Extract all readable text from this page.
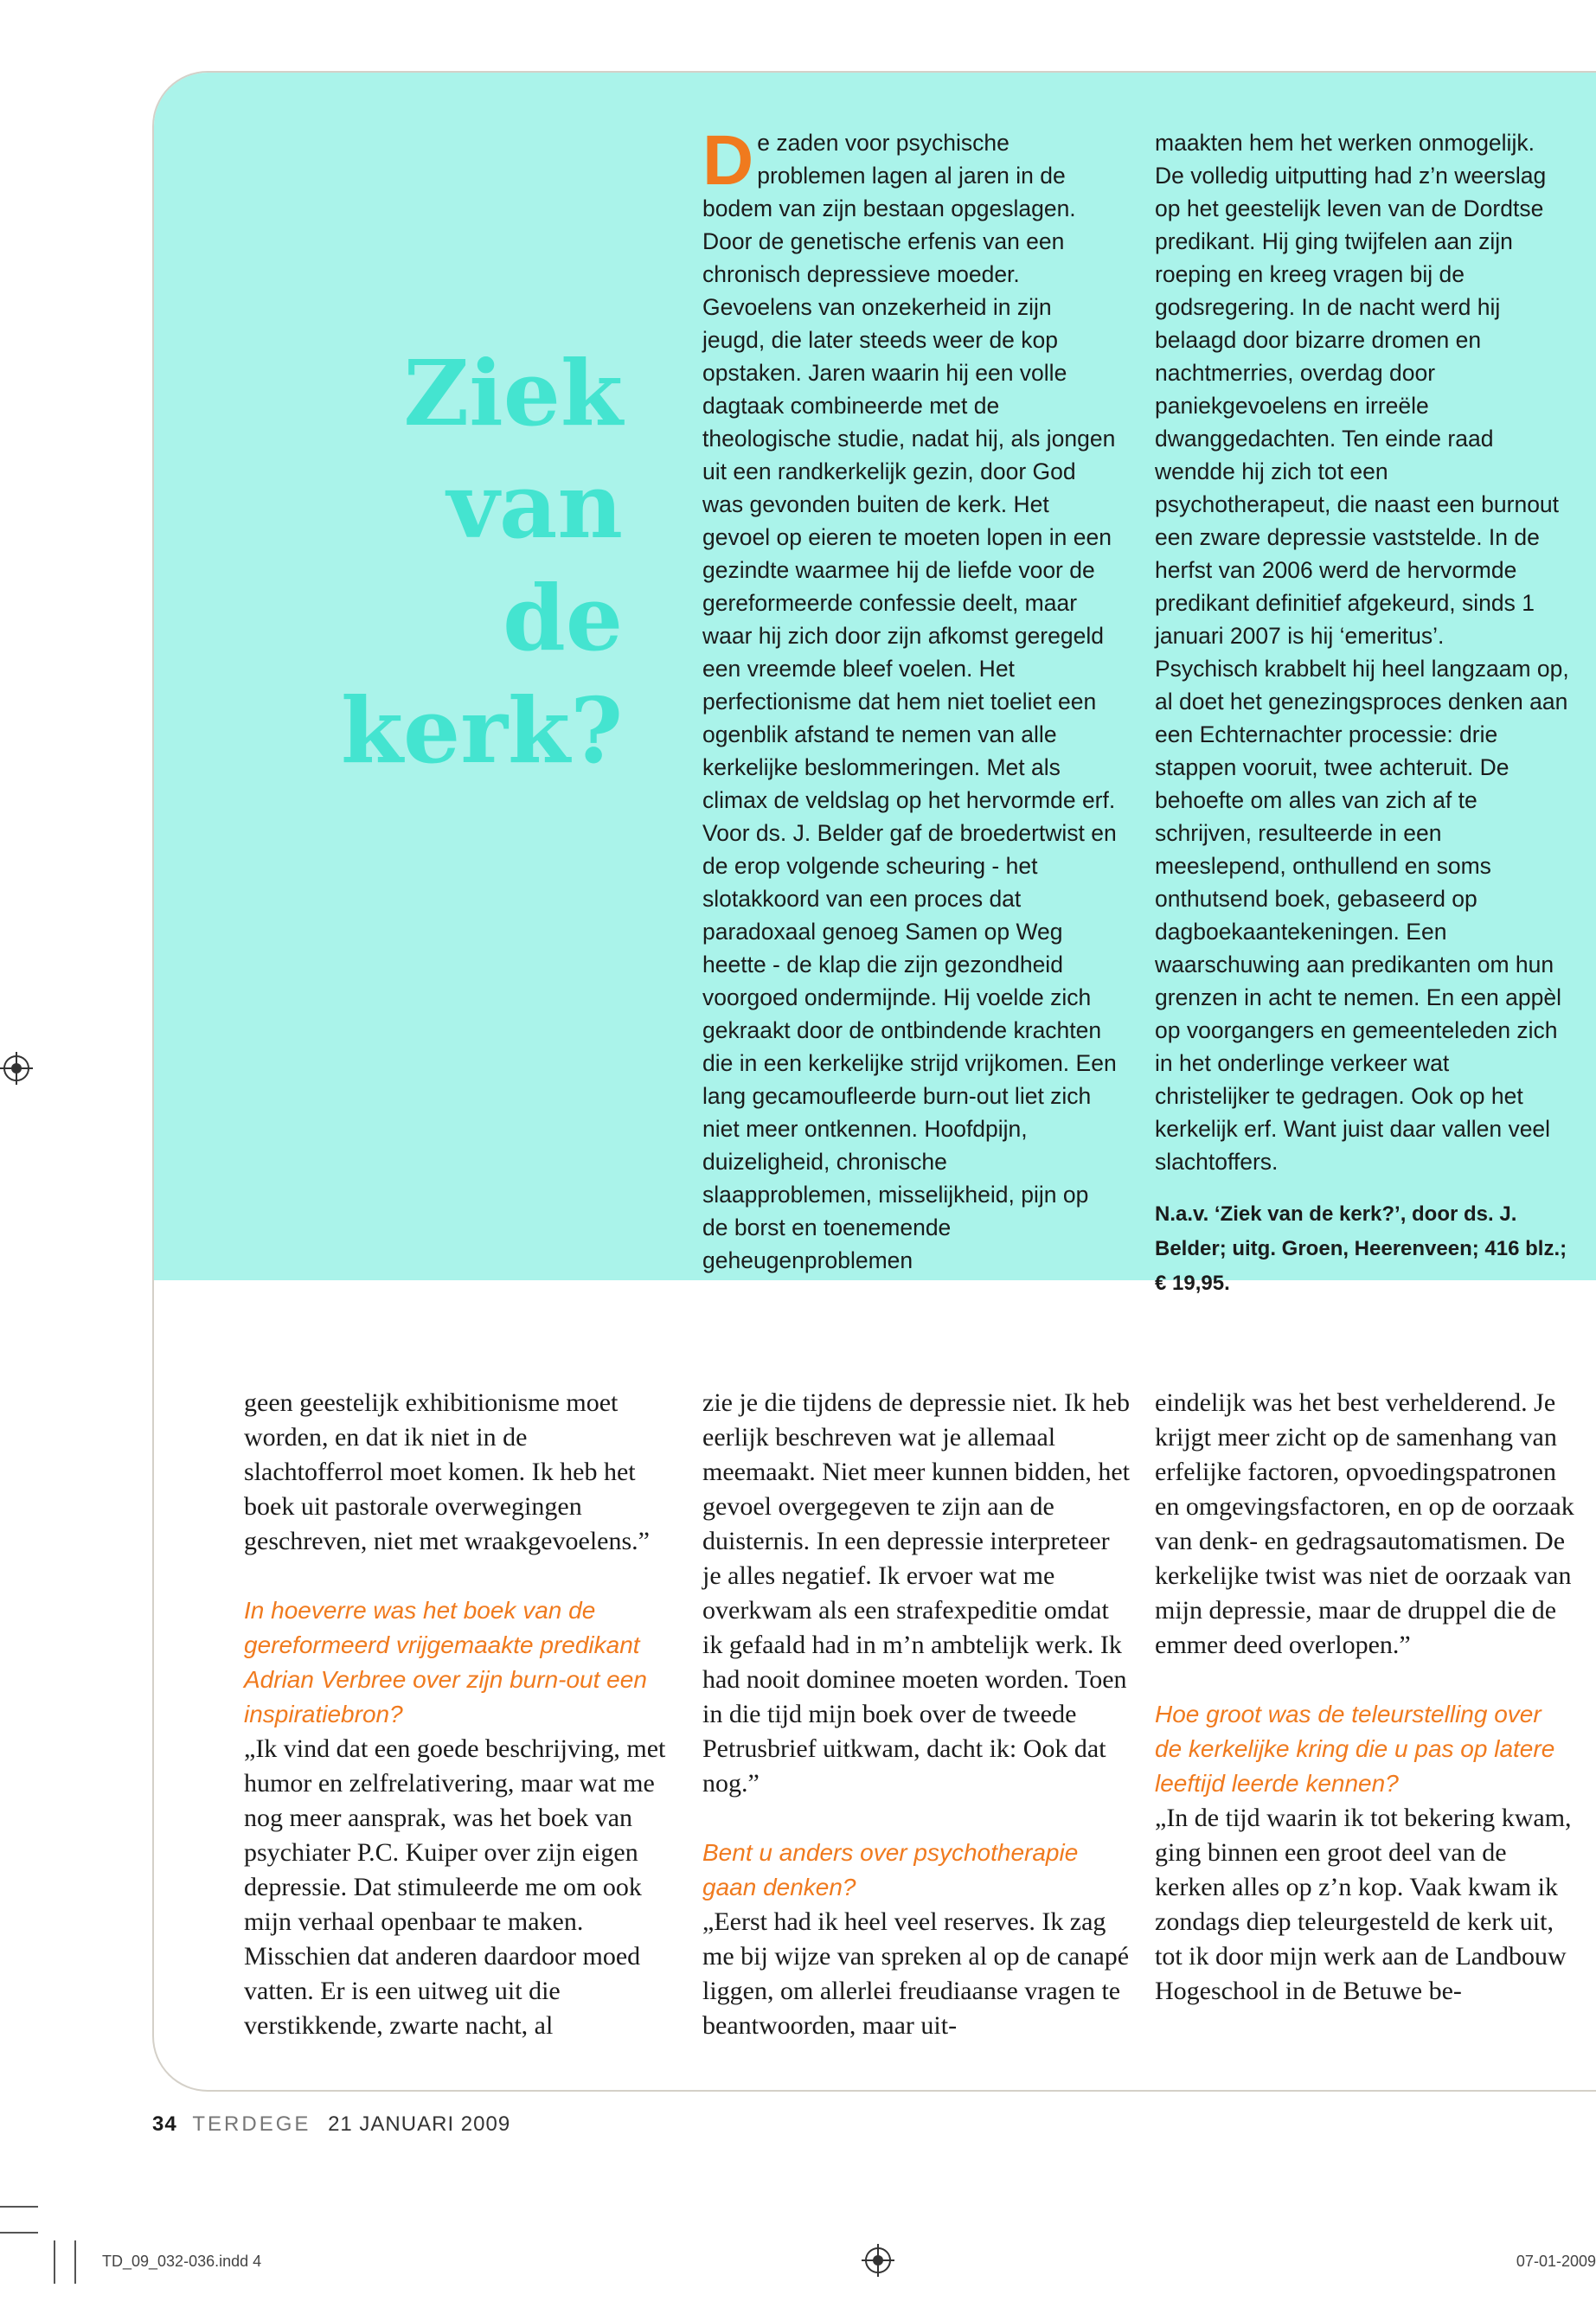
Ziek
van de
kerk?

De zaden voor psychische problemen lagen al jaren in de bodem van zijn bestaan opgeslagen. Door de genetische erfenis van een chronisch depressieve moeder. Gevoelens van onzekerheid in zijn jeugd, die later steeds weer de kop opstaken. Jaren waarin hij een volle dagtaak combineerde met de theologische studie, nadat hij, als jongen uit een randkerkelijk gezin, door God was gevonden buiten de kerk. Het gevoel op eieren te moeten lopen in een gezindte waarmee hij de liefde voor de gereformeerde confessie deelt, maar waar hij zich door zijn afkomst geregeld een vreemde bleef voelen. Het perfectionisme dat hem niet toeliet een ogenblik afstand te nemen van alle kerkelijke beslommeringen. Met als climax de veldslag op het hervormde erf.

Voor ds. J. Belder gaf de broedertwist en de erop volgende scheuring - het slotakkoord van een proces dat paradoxaal genoeg Samen op Weg heette - de klap die zijn gezondheid voorgoed ondermijnde. Hij voelde zich gekraakt door de ontbindende krachten die in een kerkelijke strijd vrijkomen. Een lang gecamoufleerde burn-out liet zich niet meer ontkennen. Hoofdpijn, duizeligheid, chronische slaapproblemen, misselijkheid, pijn op de borst en toenemende geheugenproblemen

maakten hem het werken onmogelijk. De volledig uitputting had z’n weerslag op het geestelijk leven van de Dordtse predikant. Hij ging twijfelen aan zijn roeping en kreeg vragen bij de godsregering. In de nacht werd hij belaagd door bizarre dromen en nachtmerries, overdag door paniekgevoelens en irreële dwanggedachten. Ten einde raad wendde hij zich tot een psychotherapeut, die naast een burnout een zware depressie vaststelde. In de herfst van 2006 werd de hervormde predikant definitief afgekeurd, sinds 1 januari 2007 is hij ‘emeritus’.

Psychisch krabbelt hij heel langzaam op, al doet het genezingsproces denken aan een Echternachter processie: drie stappen vooruit, twee achteruit. De behoefte om alles van zich af te schrijven, resulteerde in een meeslepend, onthullend en soms onthutsend boek, gebaseerd op dagboekaantekeningen. Een waarschuwing aan predikanten om hun grenzen in acht te nemen. En een appèl op voorgangers en gemeenteleden zich in het onderlinge verkeer wat christelijker te gedragen. Ook op het kerkelijk erf. Want juist daar vallen veel slachtoffers.

N.a.v. ‘Ziek van de kerk?’, door ds. J. Belder; uitg. Groen, Heerenveen; 416 blz.; € 19,95.

geen geestelijk exhibitionisme moet worden, en dat ik niet in de slachtofferrol moet komen. Ik heb het boek uit pastorale overwegingen geschreven, niet met wraakgevoelens.”

In hoeverre was het boek van de gereformeerd vrijgemaakte predikant Adrian Verbree over zijn burn-out een inspiratiebron?

„Ik vind dat een goede beschrijving, met humor en zelfrelativering, maar wat me nog meer aansprak, was het boek van psychiater P.C. Kuiper over zijn eigen depressie. Dat stimuleerde me om ook mijn verhaal openbaar te maken. Misschien dat anderen daardoor moed vatten. Er is een uitweg uit die verstikkende, zwarte nacht, al

zie je die tijdens de depressie niet. Ik heb eerlijk beschreven wat je allemaal meemaakt. Niet meer kunnen bidden, het gevoel overgegeven te zijn aan de duisternis. In een depressie interpreteer je alles negatief. Ik ervoer wat me overkwam als een strafexpeditie omdat ik gefaald had in m’n ambtelijk werk. Ik had nooit dominee moeten worden. Toen in die tijd mijn boek over de tweede Petrusbrief uitkwam, dacht ik: Ook dat nog.”

Bent u anders over psychotherapie gaan denken?

„Eerst had ik heel veel reserves. Ik zag me bij wijze van spreken al op de canapé liggen, om allerlei freudiaanse vragen te beantwoorden, maar uit-

eindelijk was het best verhelderend. Je krijgt meer zicht op de samenhang van erfelijke factoren, opvoedingspatronen en omgevingsfactoren, en op de oorzaak van denk- en gedragsautomatismen. De kerkelijke twist was niet de oorzaak van mijn depressie, maar de druppel die de emmer deed overlopen.”

Hoe groot was de teleurstelling over de kerkelijke kring die u pas op latere leeftijd leerde kennen?

„In de tijd waarin ik tot bekering kwam, ging binnen een groot deel van de kerken alles op z’n kop. Vaak kwam ik zondags diep teleurgesteld de kerk uit, tot ik door mijn werk aan de Landbouw Hogeschool in de Betuwe be-

34 TERDEGE 21 JANUARI 2009
TD_09_032-036.indd 4	07-01-2009
